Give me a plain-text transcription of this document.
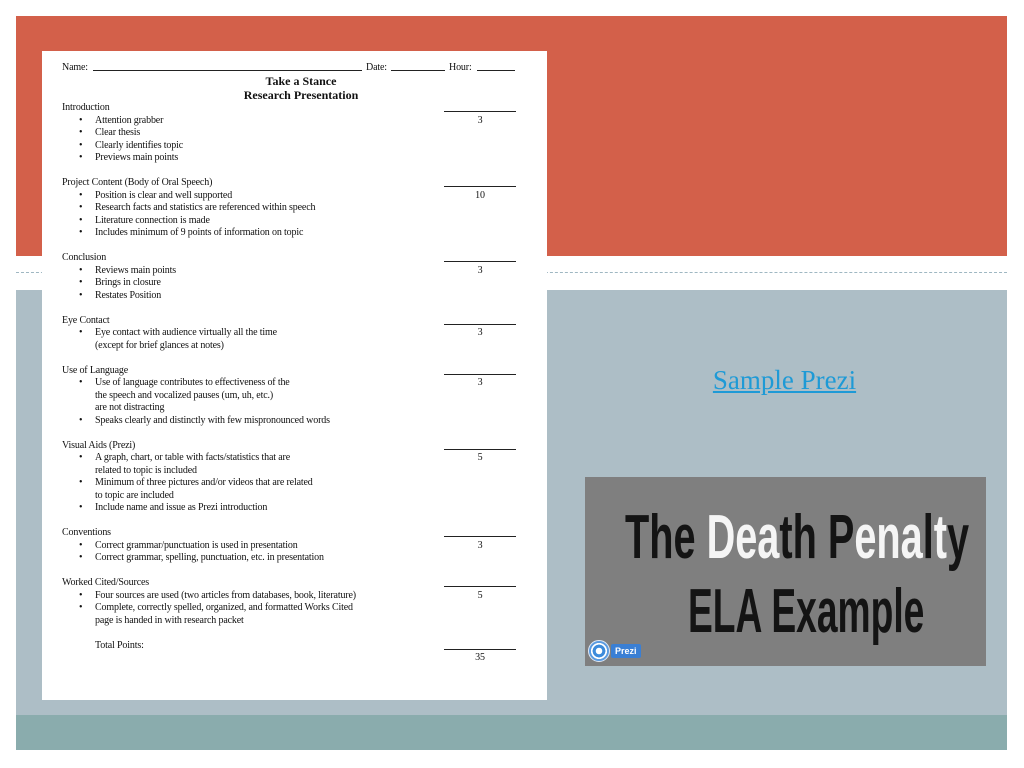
Name:	Date:	Hour:
Take a Stance
Research Presentation
Introduction
3
• Attention grabber
• Clear thesis
• Clearly identifies topic
• Previews main points
Project Content (Body of Oral Speech)
10
• Position is clear and well supported
• Research facts and statistics are referenced within speech
• Literature connection is made
• Includes minimum of 9 points of information on topic
Conclusion
3
• Reviews main points
• Brings in closure
• Restates Position
Eye Contact
3
• Eye contact with audience virtually all the time
(except for brief glances at notes)
Use of Language
3
• Use of language contributes to effectiveness of the
the speech and vocalized pauses (um, uh, etc.)
are not distracting
• Speaks clearly and distinctly with few mispronounced words
Visual Aids (Prezi)
5
• A graph, chart, or table with facts/statistics that are
related to topic is included
• Minimum of three pictures and/or videos that are related
to topic are included
• Include name and issue as Prezi introduction
Conventions
3
• Correct grammar/punctuation is used in presentation
• Correct grammar, spelling, punctuation, etc. in presentation
Worked Cited/Sources
5
• Four sources are used (two articles from databases, book, literature)
• Complete, correctly spelled, organized, and formatted Works Cited
page is handed in with research packet
Total Points:
35
Sample Prezi
The Death Penalty
ELA Example
Prezi
